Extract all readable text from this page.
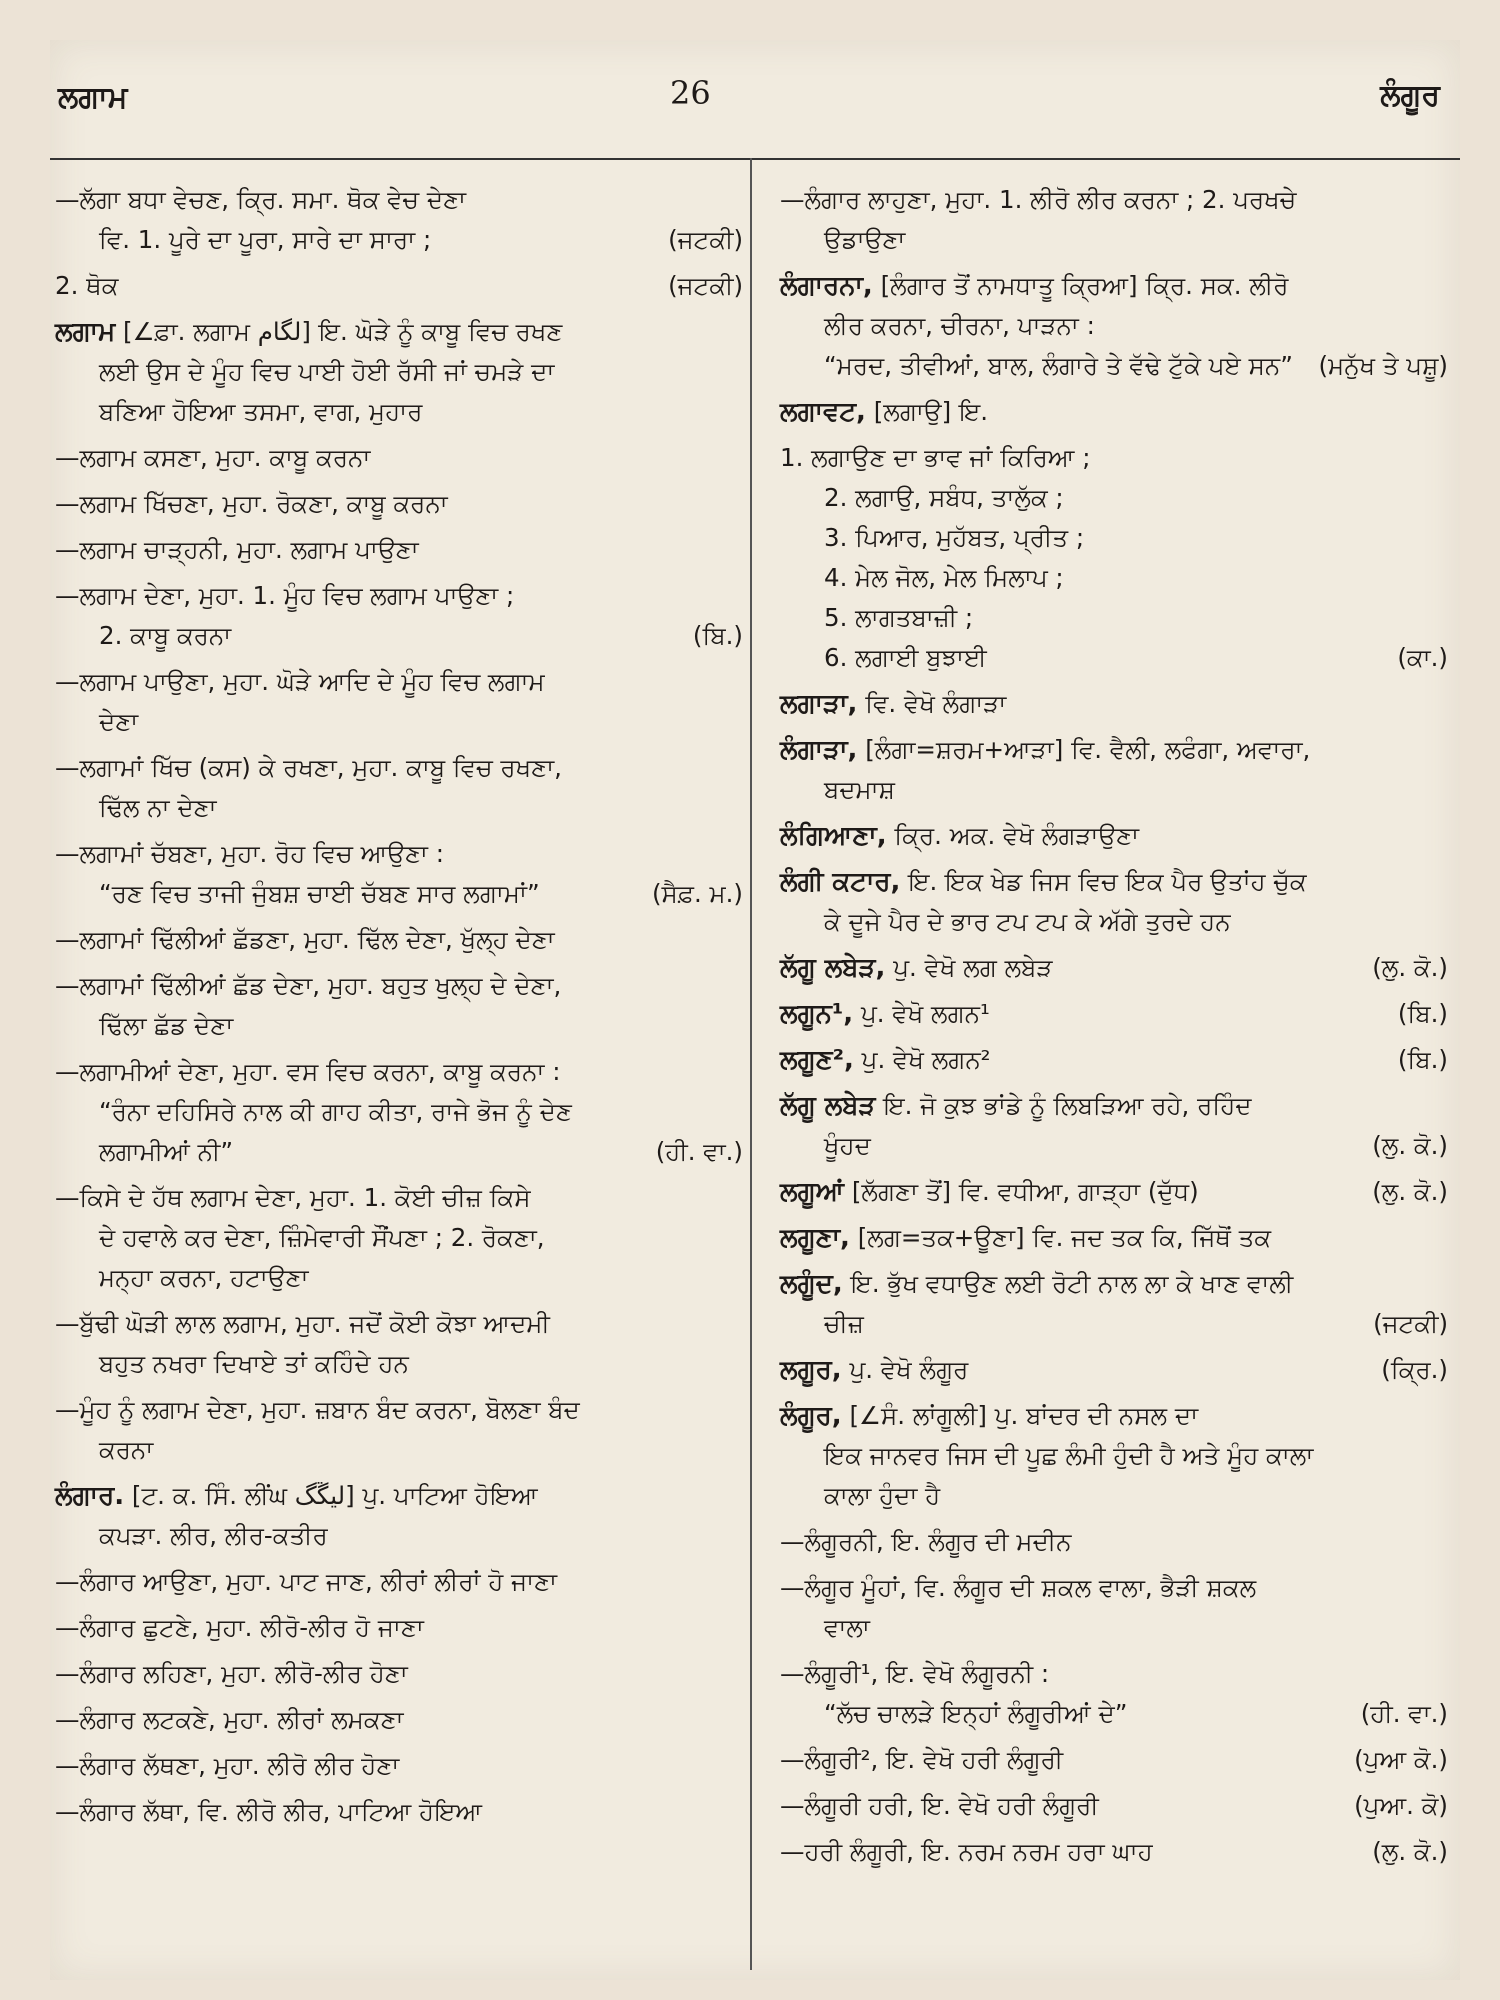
ਲਗਾਮ	26	ਲੰਗੂਰ
—ਲੱਗਾ ਬਧਾ ਵੇਚਣ, ਕ੍ਰਿ. ਸਮਾ. ਥੋਕ ਵੇਚ ਦੇਣਾ
ਵਿ. 1. ਪੂਰੇ ਦਾ ਪੂਰਾ, ਸਾਰੇ ਦਾ ਸਾਰਾ ;	(ਜਟਕੀ)
2. ਥੋਕ	(ਜਟਕੀ)
ਲਗਾਮ [∠ਫ਼ਾ. ਲਗਾਮ لگام] ਇ. ਘੋੜੇ ਨੂੰ ਕਾਬੂ ਵਿਚ ਰਖਣ
ਲਈ ਉਸ ਦੇ ਮੂੰਹ ਵਿਚ ਪਾਈ ਹੋਈ ਰੱਸੀ ਜਾਂ ਚਮੜੇ ਦਾ
ਬਣਿਆ ਹੋਇਆ ਤਸਮਾ, ਵਾਗ, ਮੁਹਾਰ
—ਲਗਾਮ ਕਸਣਾ, ਮੁਹਾ. ਕਾਬੂ ਕਰਨਾ
—ਲਗਾਮ ਖਿੱਚਣਾ, ਮੁਹਾ. ਰੋਕਣਾ, ਕਾਬੂ ਕਰਨਾ
—ਲਗਾਮ ਚਾੜ੍ਹਨੀ, ਮੁਹਾ. ਲਗਾਮ ਪਾਉਣਾ
—ਲਗਾਮ ਦੇਣਾ, ਮੁਹਾ. 1. ਮੂੰਹ ਵਿਚ ਲਗਾਮ ਪਾਉਣਾ ;
2. ਕਾਬੂ ਕਰਨਾ	(ਬਿ.)
—ਲਗਾਮ ਪਾਉਣਾ, ਮੁਹਾ. ਘੋੜੇ ਆਦਿ ਦੇ ਮੂੰਹ ਵਿਚ ਲਗਾਮ
ਦੇਣਾ
—ਲਗਾਮਾਂ ਖਿੱਚ (ਕਸ) ਕੇ ਰਖਣਾ, ਮੁਹਾ. ਕਾਬੂ ਵਿਚ ਰਖਣਾ,
ਢਿੱਲ ਨਾ ਦੇਣਾ
—ਲਗਾਮਾਂ ਚੱਬਣਾ, ਮੁਹਾ. ਰੋਹ ਵਿਚ ਆਉਣਾ :
“ਰਣ ਵਿਚ ਤਾਜੀ ਜੁੰਬਸ਼ ਚਾਈ ਚੱਬਣ ਸਾਰ ਲਗਾਮਾਂ”	(ਸੈਫ਼. ਮ.)
—ਲਗਾਮਾਂ ਢਿੱਲੀਆਂ ਛੱਡਣਾ, ਮੁਹਾ. ਢਿੱਲ ਦੇਣਾ, ਖੁੱਲ੍ਹ ਦੇਣਾ
—ਲਗਾਮਾਂ ਢਿੱਲੀਆਂ ਛੱਡ ਦੇਣਾ, ਮੁਹਾ. ਬਹੁਤ ਖੁਲ੍ਹ ਦੇ ਦੇਣਾ,
ਢਿੱਲਾ ਛੱਡ ਦੇਣਾ
—ਲਗਾਮੀਆਂ ਦੇਣਾ, ਮੁਹਾ. ਵਸ ਵਿਚ ਕਰਨਾ, ਕਾਬੂ ਕਰਨਾ :
“ਰੰਨਾ ਦਹਿਸਿਰੇ ਨਾਲ ਕੀ ਗਾਹ ਕੀਤਾ, ਰਾਜੇ ਭੋਜ ਨੂੰ ਦੇਣ
ਲਗਾਮੀਆਂ ਨੀ”	(ਹੀ. ਵਾ.)
—ਕਿਸੇ ਦੇ ਹੱਥ ਲਗਾਮ ਦੇਣਾ, ਮੁਹਾ. 1. ਕੋਈ ਚੀਜ਼ ਕਿਸੇ
ਦੇ ਹਵਾਲੇ ਕਰ ਦੇਣਾ, ਜ਼ਿੰਮੇਵਾਰੀ ਸੌਂਪਣਾ ; 2. ਰੋਕਣਾ,
ਮਨ੍ਹਾ ਕਰਨਾ, ਹਟਾਉਣਾ
—ਬੁੱਢੀ ਘੋੜੀ ਲਾਲ ਲਗਾਮ, ਮੁਹਾ. ਜਦੋਂ ਕੋਈ ਕੋਝਾ ਆਦਮੀ
ਬਹੁਤ ਨਖਰਾ ਦਿਖਾਏ ਤਾਂ ਕਹਿੰਦੇ ਹਨ
—ਮੂੰਹ ਨੂੰ ਲਗਾਮ ਦੇਣਾ, ਮੁਹਾ. ਜ਼ਬਾਨ ਬੰਦ ਕਰਨਾ, ਬੋਲਣਾ ਬੰਦ
ਕਰਨਾ
ਲੰਗਾਰ. [ਟ. ਕ. ਸਿੰ. ਲੀਂਘ لیڱگ] ਪੁ. ਪਾਟਿਆ ਹੋਇਆ
ਕਪੜਾ. ਲੀਰ, ਲੀਰ-ਕਤੀਰ
—ਲੰਗਾਰ ਆਉਣਾ, ਮੁਹਾ. ਪਾਟ ਜਾਣ, ਲੀਰਾਂ ਲੀਰਾਂ ਹੋ ਜਾਣਾ
—ਲੰਗਾਰ ਛੁਟਣੇ, ਮੁਹਾ. ਲੀਰੋ-ਲੀਰ ਹੋ ਜਾਣਾ
—ਲੰਗਾਰ ਲਹਿਣਾ, ਮੁਹਾ. ਲੀਰੋ-ਲੀਰ ਹੋਣਾ
—ਲੰਗਾਰ ਲਟਕਣੇ, ਮੁਹਾ. ਲੀਰਾਂ ਲਮਕਣਾ
—ਲੰਗਾਰ ਲੱਥਣਾ, ਮੁਹਾ. ਲੀਰੋ ਲੀਰ ਹੋਣਾ
—ਲੰਗਾਰ ਲੱਥਾ, ਵਿ. ਲੀਰੋ ਲੀਰ, ਪਾਟਿਆ ਹੋਇਆ
—ਲੰਗਾਰ ਲਾਹੁਣਾ, ਮੁਹਾ. 1. ਲੀਰੋ ਲੀਰ ਕਰਨਾ ; 2. ਪਰਖਚੇ
ਉਡਾਉਣਾ
ਲੰਗਾਰਨਾ, [ਲੰਗਾਰ ਤੋਂ ਨਾਮਧਾਤੂ ਕ੍ਰਿਆ] ਕ੍ਰਿ. ਸਕ. ਲੀਰੋ
ਲੀਰ ਕਰਨਾ, ਚੀਰਨਾ, ਪਾੜਨਾ :
“ਮਰਦ, ਤੀਵੀਆਂ, ਬਾਲ, ਲੰਗਾਰੇ ਤੇ ਵੱਢੇ ਟੁੱਕੇ ਪਏ ਸਨ”	(ਮਨੁੱਖ ਤੇ ਪਸ਼ੂ)
ਲਗਾਵਟ, [ਲਗਾਉ] ਇ.
1. ਲਗਾਉਣ ਦਾ ਭਾਵ ਜਾਂ ਕਿਰਿਆ ;
2. ਲਗਾਉ, ਸਬੰਧ, ਤਾਲੁੱਕ ;
3. ਪਿਆਰ, ਮੁਹੱਬਤ, ਪ੍ਰੀਤ ;
4. ਮੇਲ ਜੋਲ, ਮੇਲ ਮਿਲਾਪ ;
5. ਲਾਗਤਬਾਜ਼ੀ ;
6. ਲਗਾਈ ਬੁਝਾਈ	(ਕਾ.)
ਲਗਾੜਾ, ਵਿ. ਵੇਖੋ ਲੰਗਾੜਾ
ਲੰਗਾੜਾ, [ਲੰਗਾ=ਸ਼ਰਮ+ਆੜਾ] ਵਿ. ਵੈਲੀ, ਲਫੰਗਾ, ਅਵਾਰਾ,
ਬਦਮਾਸ਼
ਲੰਗਿਆਣਾ, ਕ੍ਰਿ. ਅਕ. ਵੇਖੋ ਲੰਗੜਾਉਣਾ
ਲੰਗੀ ਕਟਾਰ, ਇ. ਇਕ ਖੇਡ ਜਿਸ ਵਿਚ ਇਕ ਪੈਰ ਉਤਾਂਹ ਚੁੱਕ
ਕੇ ਦੂਜੇ ਪੈਰ ਦੇ ਭਾਰ ਟਪ ਟਪ ਕੇ ਅੱਗੇ ਤੁਰਦੇ ਹਨ
ਲੱਗੂ ਲਬੇੜ, ਪੁ. ਵੇਖੋ ਲਗ ਲਬੇੜ	(ਲੁ. ਕੋ.)
ਲਗੂਨ¹, ਪੁ. ਵੇਖੋ ਲਗਨ¹	(ਬਿ.)
ਲਗੂਣ², ਪੁ. ਵੇਖੋ ਲਗਨ²	(ਬਿ.)
ਲੱਗੂ ਲਬੇੜ ਇ. ਜੋ ਕੁਝ ਭਾਂਡੇ ਨੂੰ ਲਿਬੜਿਆ ਰਹੇ, ਰਹਿੰਦ
ਖੂੰਹਦ	(ਲੁ. ਕੋ.)
ਲਗੂਆਂ [ਲੱਗਣਾ ਤੋਂ] ਵਿ. ਵਧੀਆ, ਗਾੜ੍ਹਾ (ਦੁੱਧ)	(ਲੁ. ਕੋ.)
ਲਗੂਣਾ, [ਲਗ=ਤਕ+ਊਣਾ] ਵਿ. ਜਦ ਤਕ ਕਿ, ਜਿੱਥੋਂ ਤਕ
ਲਗੂੰਦ, ਇ. ਭੁੱਖ ਵਧਾਉਣ ਲਈ ਰੋਟੀ ਨਾਲ ਲਾ ਕੇ ਖਾਣ ਵਾਲੀ
ਚੀਜ਼	(ਜਟਕੀ)
ਲਗੂਰ, ਪੁ. ਵੇਖੋ ਲੰਗੂਰ	(ਕ੍ਰਿ.)
ਲੰਗੂਰ, [∠ਸੰ. ਲਾਂਗੂਲੀ] ਪੁ. ਬਾਂਦਰ ਦੀ ਨਸਲ ਦਾ
ਇਕ ਜਾਨਵਰ ਜਿਸ ਦੀ ਪੂਛ ਲੰਮੀ ਹੁੰਦੀ ਹੈ ਅਤੇ ਮੂੰਹ ਕਾਲਾ
ਕਾਲਾ ਹੁੰਦਾ ਹੈ
—ਲੰਗੂਰਨੀ, ਇ. ਲੰਗੂਰ ਦੀ ਮਦੀਨ
—ਲੰਗੂਰ ਮੂੰਹਾਂ, ਵਿ. ਲੰਗੂਰ ਦੀ ਸ਼ਕਲ ਵਾਲਾ, ਭੈੜੀ ਸ਼ਕਲ
ਵਾਲਾ
—ਲੰਗੂਰੀ¹, ਇ. ਵੇਖੋ ਲੰਗੂਰਨੀ :
“ਲੱਚ ਚਾਲੜੇ ਇਨ੍ਹਾਂ ਲੰਗੂਰੀਆਂ ਦੇ”	(ਹੀ. ਵਾ.)
—ਲੰਗੂਰੀ², ਇ. ਵੇਖੋ ਹਰੀ ਲੰਗੂਰੀ	(ਪੁਆ ਕੋ.)
—ਲੰਗੂਰੀ ਹਰੀ, ਇ. ਵੇਖੋ ਹਰੀ ਲੰਗੂਰੀ	(ਪੁਆ. ਕੋ)
—ਹਰੀ ਲੰਗੂਰੀ, ਇ. ਨਰਮ ਨਰਮ ਹਰਾ ਘਾਹ	(ਲੁ. ਕੋ.)
